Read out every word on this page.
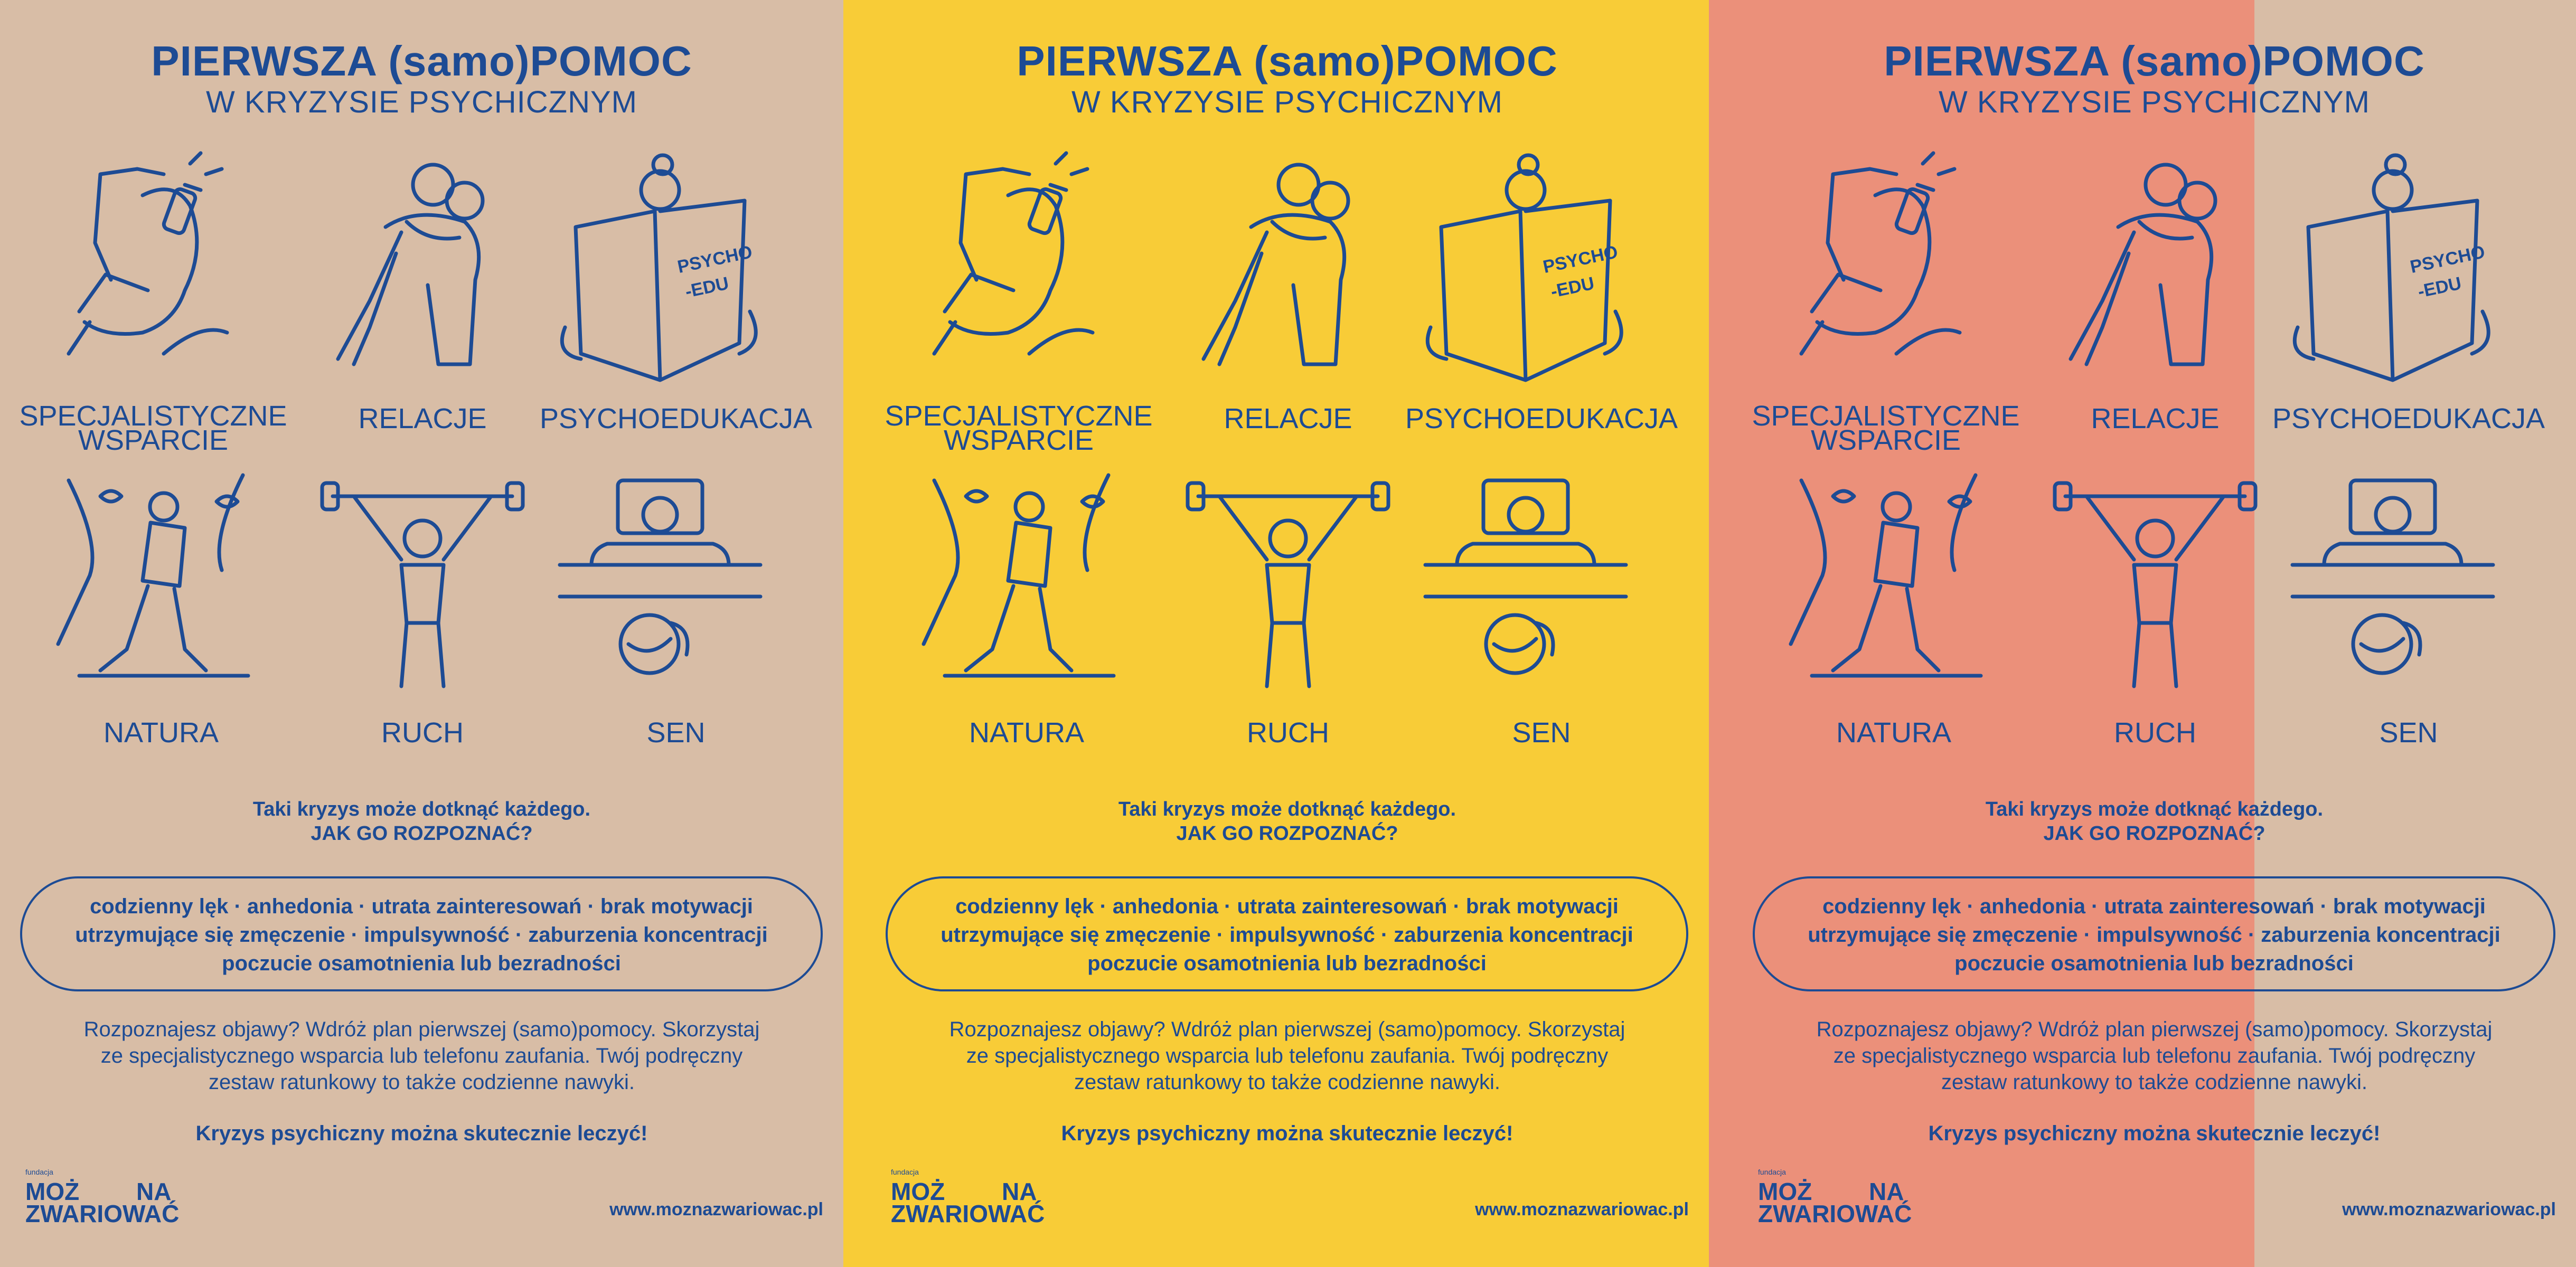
PIERWSZA (samo)POMOC
W KRYZYSIE PSYCHICZNYM
PSYCHO
-EDU
SPECJALISTYCZNE
WSPARCIE
RELACJE	PSYCHOEDUKACJA
NATURA	RUCH	SEN
Taki kryzys może dotknąć każdego.
JAK GO ROZPOZNAĆ?
codzienny lęk · anhedonia · utrata zainteresowań · brak motywacji
utrzymujące się zmęczenie · impulsywność · zaburzenia koncentracji
poczucie osamotnienia lub bezradności
Rozpoznajesz objawy? Wdróż plan pierwszej (samo)pomocy. Skorzystaj
ze specjalistycznego wsparcia lub telefonu zaufania. Twój podręczny
zestaw ratunkowy to także codzienne nawyki.
Kryzys psychiczny można skutecznie leczyć!
fundacja
MOŻ NA
ZWARIOWAĆ	www.moznazwariowac.pl
PIERWSZA (samo)POMOC
W KRYZYSIE PSYCHICZNYM
PSYCHO
-EDU
SPECJALISTYCZNE
WSPARCIE
RELACJE	PSYCHOEDUKACJA
NATURA	RUCH	SEN
Taki kryzys może dotknąć każdego.
JAK GO ROZPOZNAĆ?
codzienny lęk · anhedonia · utrata zainteresowań · brak motywacji
utrzymujące się zmęczenie · impulsywność · zaburzenia koncentracji
poczucie osamotnienia lub bezradności
Rozpoznajesz objawy? Wdróż plan pierwszej (samo)pomocy. Skorzystaj
ze specjalistycznego wsparcia lub telefonu zaufania. Twój podręczny
zestaw ratunkowy to także codzienne nawyki.
Kryzys psychiczny można skutecznie leczyć!
fundacja
MOŻ NA
ZWARIOWAĆ	www.moznazwariowac.pl
PIERWSZA (samo)POMOC
W KRYZYSIE PSYCHICZNYM
PSYCHO
-EDU
SPECJALISTYCZNE
WSPARCIE
RELACJE	PSYCHOEDUKACJA
NATURA	RUCH	SEN
Taki kryzys może dotknąć każdego.
JAK GO ROZPOZNAĆ?
codzienny lęk · anhedonia · utrata zainteresowań · brak motywacji
utrzymujące się zmęczenie · impulsywność · zaburzenia koncentracji
poczucie osamotnienia lub bezradności
Rozpoznajesz objawy? Wdróż plan pierwszej (samo)pomocy. Skorzystaj
ze specjalistycznego wsparcia lub telefonu zaufania. Twój podręczny
zestaw ratunkowy to także codzienne nawyki.
Kryzys psychiczny można skutecznie leczyć!
fundacja
MOŻ NA
ZWARIOWAĆ	www.moznazwariowac.pl
